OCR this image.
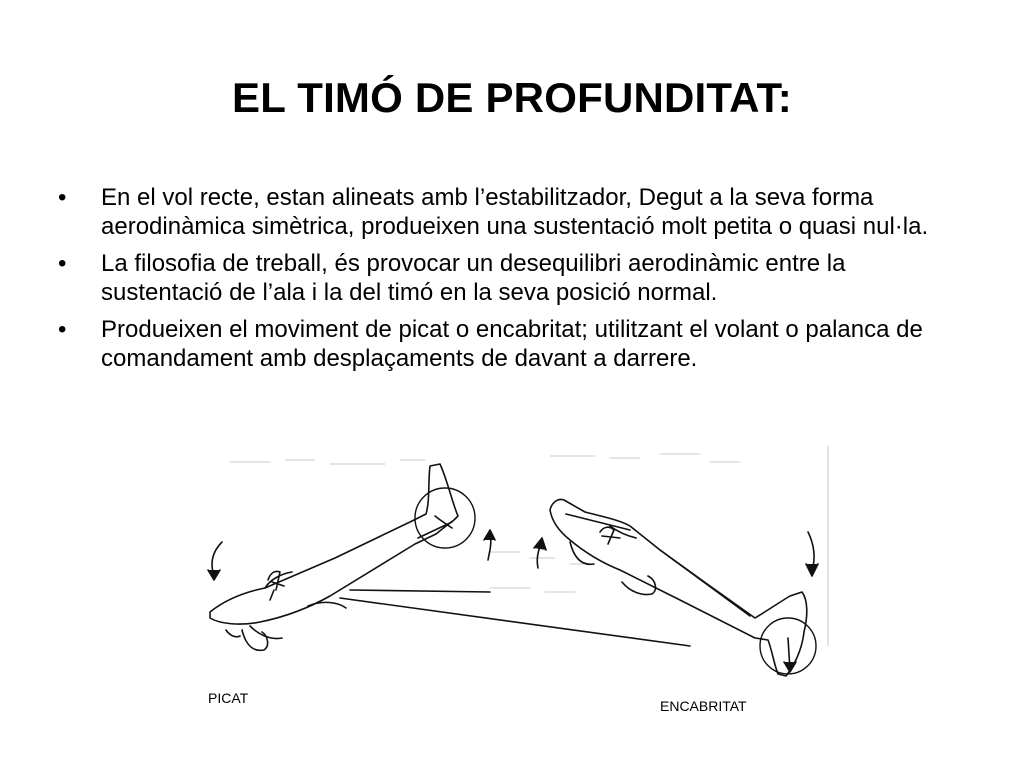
EL TIMÓ DE PROFUNDITAT:
•	En el vol recte, estan alineats amb l’estabilitzador, Degut a la seva forma aerodinàmica simètrica, produeixen una sustentació molt petita o quasi nul·la.
•	La filosofia de treball, és provocar un desequilibri aerodinàmic entre la sustentació de l’ala i la del timó en la seva posició normal.
•	Produeixen el moviment de picat o encabritat; utilitzant el volant o palanca de comandament amb desplaçaments de davant a darrere.
PICAT	ENCABRITAT
